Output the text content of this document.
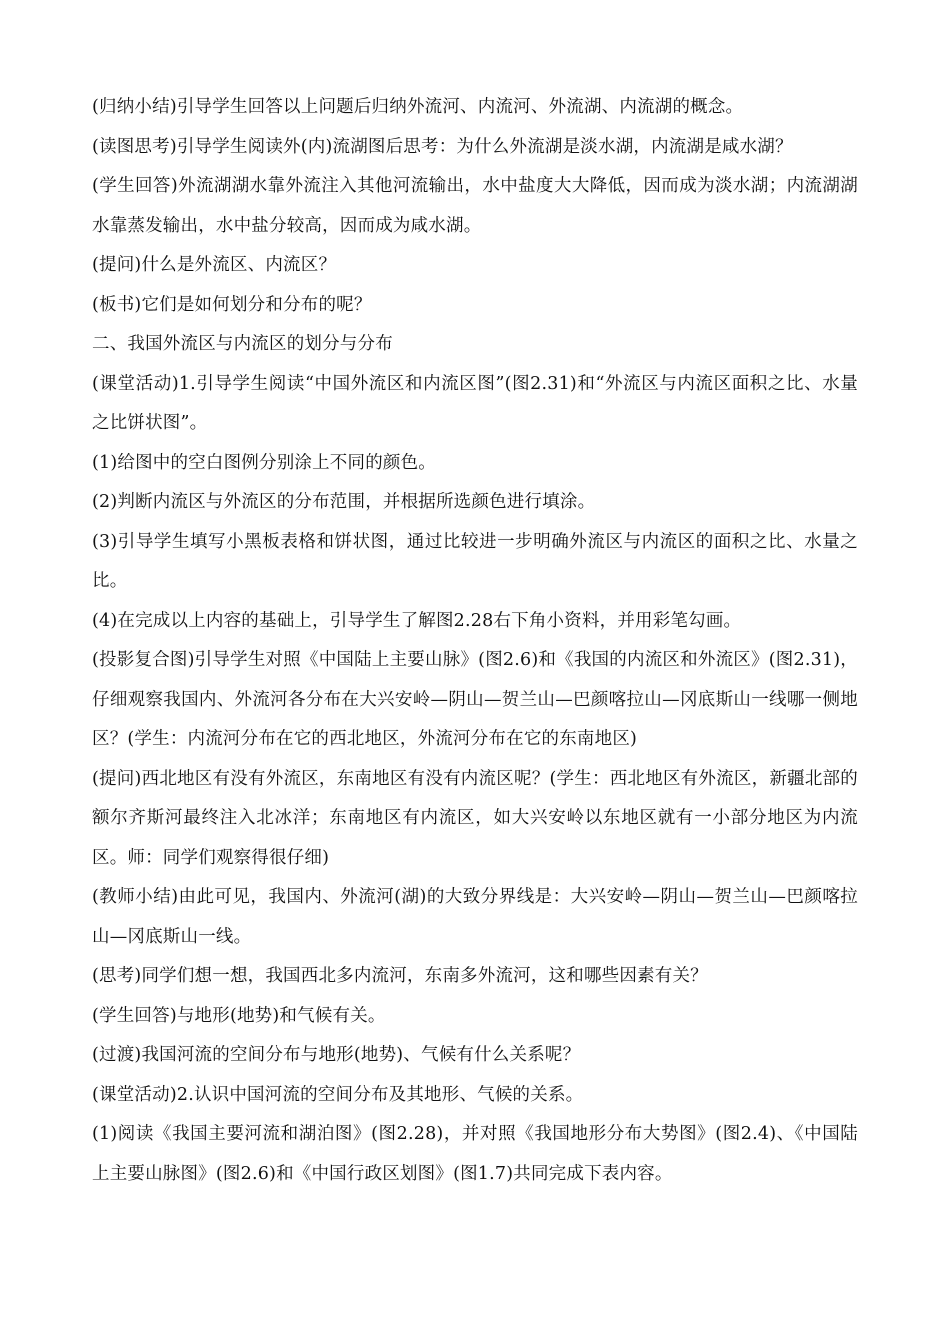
(归纳小结)引导学生回答以上问题后归纳外流河、内流河、外流湖、内流湖的概念。

(读图思考)引导学生阅读外(内)流湖图后思考：为什么外流湖是淡水湖，内流湖是咸水湖？

(学生回答)外流湖湖水靠外流注入其他河流输出，水中盐度大大降低，因而成为淡水湖；内流湖湖水靠蒸发输出，水中盐分较高，因而成为咸水湖。

(提问)什么是外流区、内流区？

(板书)它们是如何划分和分布的呢？

二、我国外流区与内流区的划分与分布

(课堂活动)1.引导学生阅读“中国外流区和内流区图”(图2.31)和“外流区与内流区面积之比、水量之比饼状图”。

(1)给图中的空白图例分别涂上不同的颜色。

(2)判断内流区与外流区的分布范围，并根据所选颜色进行填涂。

(3)引导学生填写小黑板表格和饼状图，通过比较进一步明确外流区与内流区的面积之比、水量之比。

(4)在完成以上内容的基础上，引导学生了解图2.28右下角小资料，并用彩笔勾画。

(投影复合图)引导学生对照《中国陆上主要山脉》(图2.6)和《我国的内流区和外流区》(图2.31)，仔细观察我国内、外流河各分布在大兴安岭—阴山—贺兰山—巴颜喀拉山—冈底斯山一线哪一侧地区？(学生：内流河分布在它的西北地区，外流河分布在它的东南地区)

(提问)西北地区有没有外流区，东南地区有没有内流区呢？(学生：西北地区有外流区，新疆北部的额尔齐斯河最终注入北冰洋；东南地区有内流区，如大兴安岭以东地区就有一小部分地区为内流区。师：同学们观察得很仔细)

(教师小结)由此可见，我国内、外流河(湖)的大致分界线是：大兴安岭—阴山—贺兰山—巴颜喀拉山—冈底斯山一线。

(思考)同学们想一想，我国西北多内流河，东南多外流河，这和哪些因素有关？

(学生回答)与地形(地势)和气候有关。

(过渡)我国河流的空间分布与地形(地势)、气候有什么关系呢？

(课堂活动)2.认识中国河流的空间分布及其地形、气候的关系。

(1)阅读《我国主要河流和湖泊图》(图2.28)，并对照《我国地形分布大势图》(图2.4)、《中国陆上主要山脉图》(图2.6)和《中国行政区划图》(图1.7)共同完成下表内容。
